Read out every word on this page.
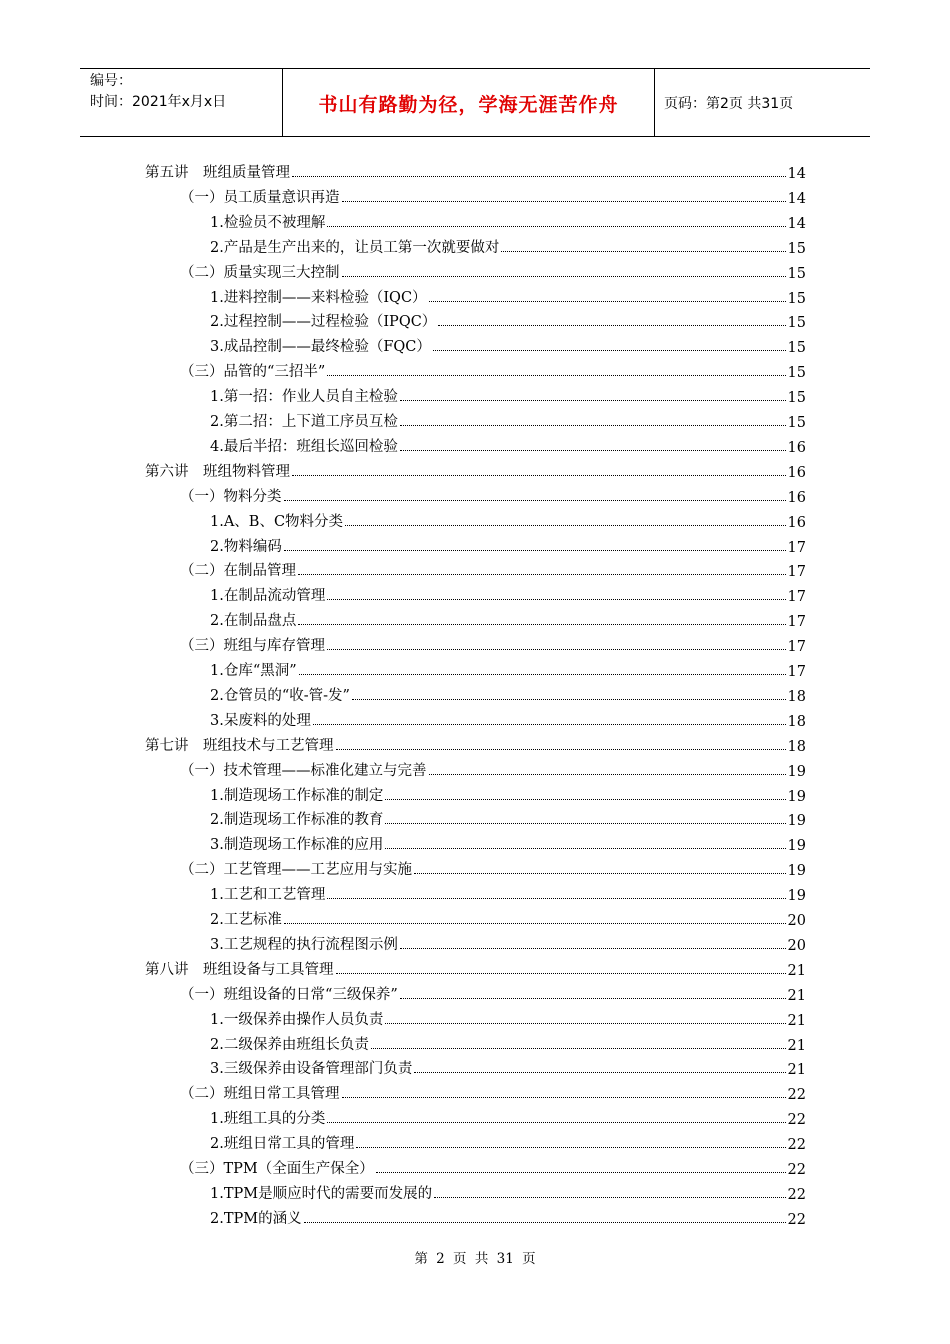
编号：
时间：2021年x月x日	书山有路勤为径，学海无涯苦作舟	页码：第2页 共31页
第五讲　班组质量管理	14
（一）员工质量意识再造	14
1.检验员不被理解	14
2.产品是生产出来的，让员工第一次就要做对	15
（二）质量实现三大控制	15
1.进料控制——来料检验（IQC）	15
2.过程控制——过程检验（IPQC）	15
3.成品控制——最终检验（FQC）	15
（三）品管的“三招半”	15
1.第一招：作业人员自主检验	15
2.第二招：上下道工序员互检	15
4.最后半招：班组长巡回检验	16
第六讲　班组物料管理	16
（一）物料分类	16
1.A、B、C物料分类	16
2.物料编码	17
（二）在制品管理	17
1.在制品流动管理	17
2.在制品盘点	17
（三）班组与库存管理	17
1.仓库“黑洞”	17
2.仓管员的“收-管-发”	18
3.呆废料的处理	18
第七讲　班组技术与工艺管理	18
（一）技术管理——标准化建立与完善	19
1.制造现场工作标准的制定	19
2.制造现场工作标准的教育	19
3.制造现场工作标准的应用	19
（二）工艺管理——工艺应用与实施	19
1.工艺和工艺管理	19
2.工艺标准	20
3.工艺规程的执行流程图示例	20
第八讲　班组设备与工具管理	21
（一）班组设备的日常“三级保养”	21
1.一级保养由操作人员负责	21
2.二级保养由班组长负责	21
3.三级保养由设备管理部门负责	21
（二）班组日常工具管理	22
1.班组工具的分类	22
2.班组日常工具的管理	22
（三）TPM（全面生产保全）	22
1.TPM是顺应时代的需要而发展的	22
2.TPM的涵义	22
第 2 页 共 31 页
